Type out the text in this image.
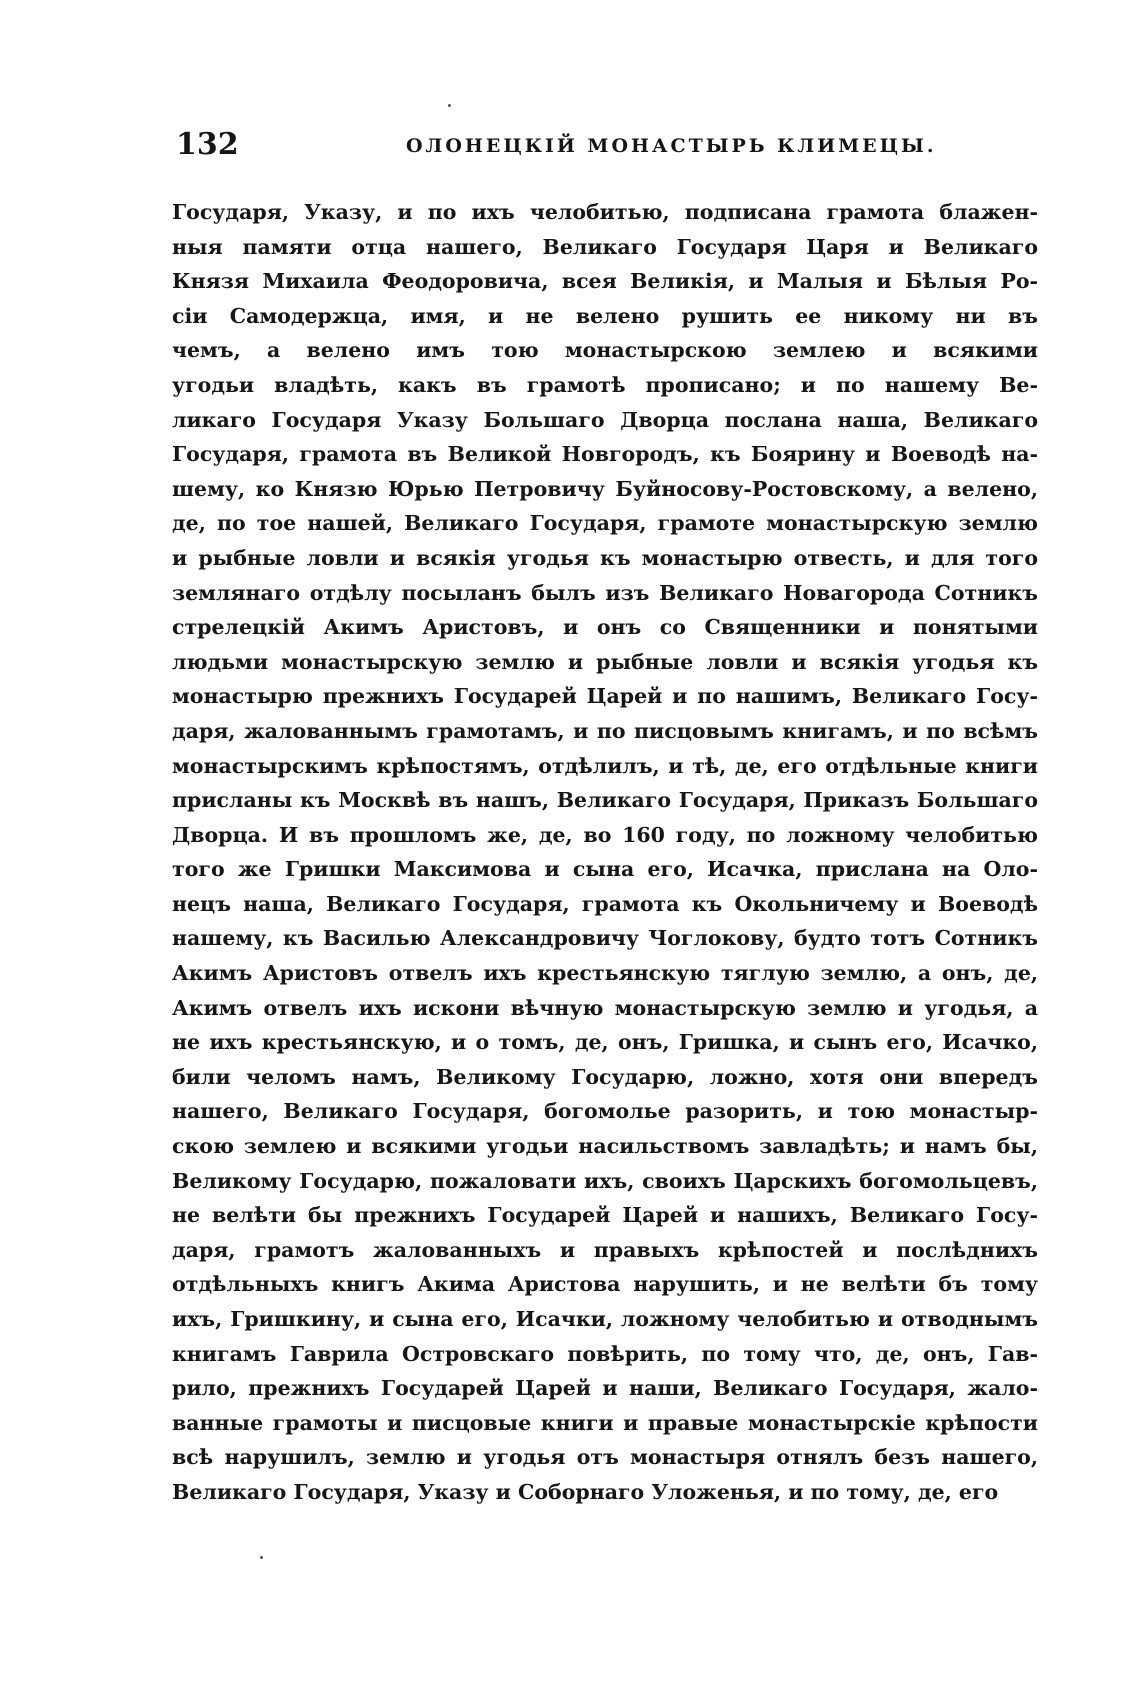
132	ОЛОНЕЦКІЙ МОНАСТЫРЬ КЛИМЕЦЫ.
Государя, Указу, и по ихъ челобитью, подписана грамота блажен-
ныя памяти отца нашего, Великаго Государя Царя и Великаго
Князя Михаила Феодоровича, всея Великія, и Малыя и Бѣлыя Ро-
сіи Самодержца, имя, и не велено рушить ее никому ни въ
чемъ, а велено имъ тою монастырскою землею и всякими
угодьи владѣть, какъ въ грамотѣ прописано; и по нашему Ве-
ликаго Государя Указу Большаго Дворца послана наша, Великаго
Государя, грамота въ Великой Новгородъ, къ Боярину и Воеводѣ на-
шему, ко Князю Юрью Петровичу Буйносову-Ростовскому, а велено,
де, по тое нашей, Великаго Государя, грамоте монастырскую землю
и рыбные ловли и всякія угодья къ монастырю отвесть, и для того
землянаго отдѣлу посыланъ былъ изъ Великаго Новагорода Сотникъ
стрелецкій Акимъ Аристовъ, и онъ со Священники и понятыми
людьми монастырскую землю и рыбные ловли и всякія угодья къ
монастырю прежнихъ Государей Царей и по нашимъ, Великаго Госу-
даря, жалованнымъ грамотамъ, и по писцовымъ книгамъ, и по всѣмъ
монастырскимъ крѣпостямъ, отдѣлилъ, и тѣ, де, его отдѣльные книги
присланы къ Москвѣ въ нашъ, Великаго Государя, Приказъ Большаго
Дворца. И въ прошломъ же, де, во 160 году, по ложному челобитью
того же Гришки Максимова и сына его, Исачка, прислана на Оло-
нецъ наша, Великаго Государя, грамота къ Окольничему и Воеводѣ
нашему, къ Василью Александровичу Чоглокову, будто тотъ Сотникъ
Акимъ Аристовъ отвелъ ихъ крестьянскую тяглую землю, а онъ, де,
Акимъ отвелъ ихъ искони вѣчную монастырскую землю и угодья, а
не ихъ крестьянскую, и о томъ, де, онъ, Гришка, и сынъ его, Исачко,
били челомъ намъ, Великому Государю, ложно, хотя они впередъ
нашего, Великаго Государя, богомолье разорить, и тою монастыр-
скою землею и всякими угодьи насильствомъ завладѣть; и намъ бы,
Великому Государю, пожаловати ихъ, своихъ Царскихъ богомольцевъ,
не велѣти бы прежнихъ Государей Царей и нашихъ, Великаго Госу-
даря, грамотъ жалованныхъ и правыхъ крѣпостей и послѣднихъ
отдѣльныхъ книгъ Акима Аристова нарушить, и не велѣти бъ тому
ихъ, Гришкину, и сына его, Исачки, ложному челобитью и отводнымъ
книгамъ Гаврила Островскаго повѣрить, по тому что, де, онъ, Гав-
рило, прежнихъ Государей Царей и наши, Великаго Государя, жало-
ванные грамоты и писцовые книги и правые монастырскіе крѣпости
всѣ нарушилъ, землю и угодья отъ монастыря отнялъ безъ нашего,
Великаго Государя, Указу и Соборнаго Уложенья, и по тому, де, его
